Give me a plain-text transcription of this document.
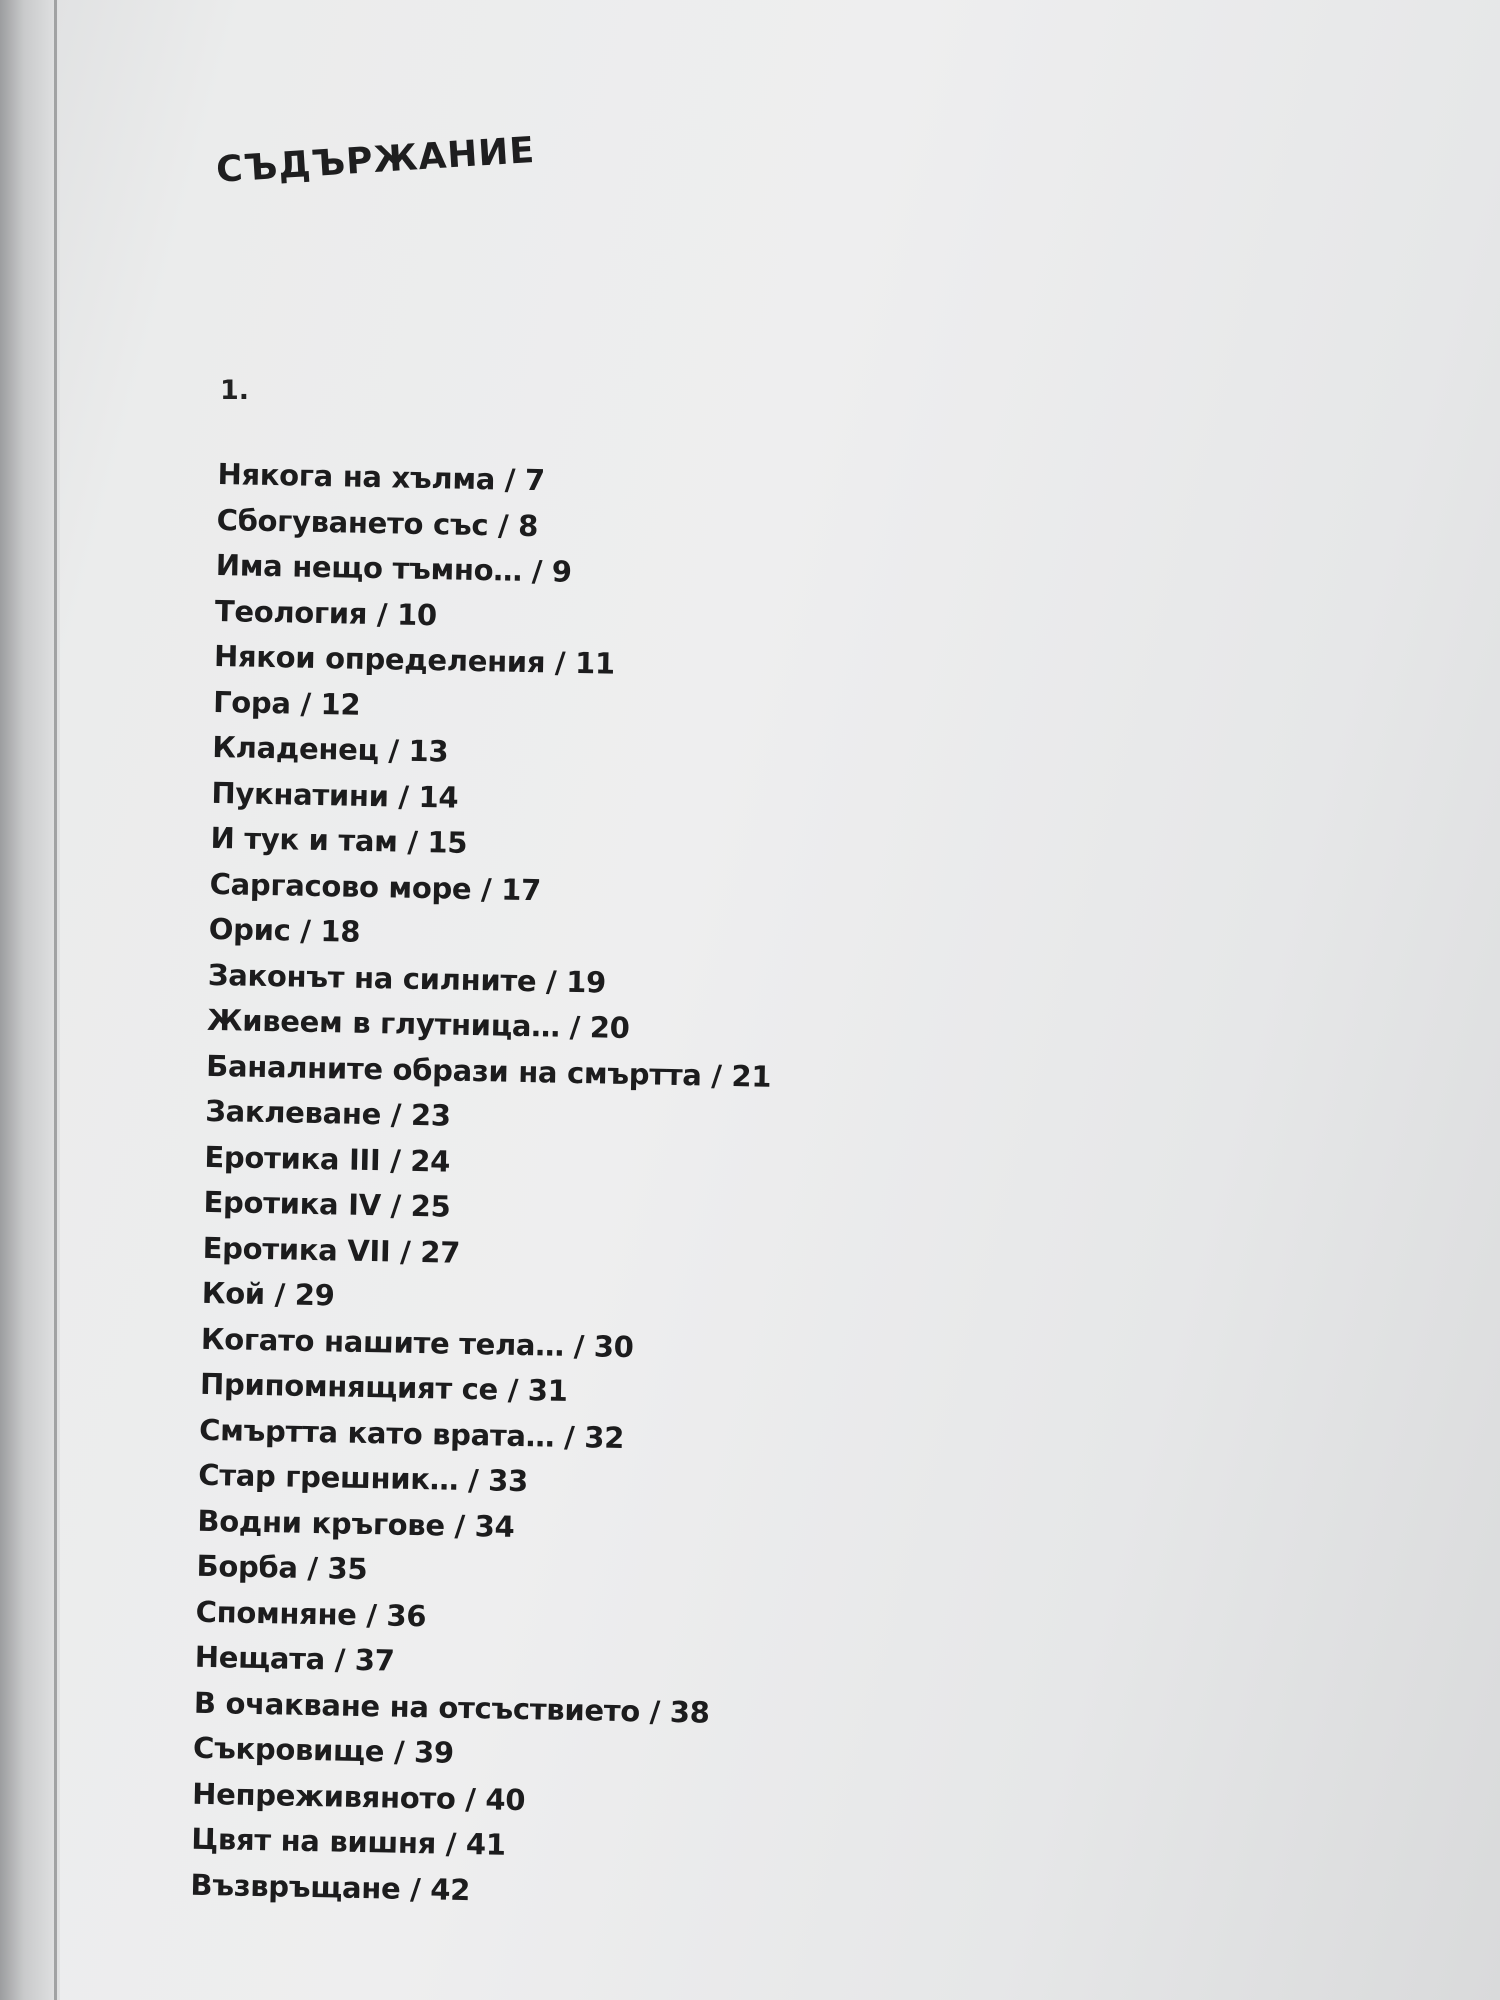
СЪДЪРЖАНИЕ
1.
Някога на хълма / 7
Сбогуването със / 8
Има нещо тъмно… / 9
Теология / 10
Някои определения / 11
Гора / 12
Кладенец / 13
Пукнатини / 14
И тук и там / 15
Саргасово море / 17
Орис / 18
Законът на силните / 19
Живеем в глутница… / 20
Баналните образи на смъртта / 21
Заклеване / 23
Еротика III / 24
Еротика IV / 25
Еротика VII / 27
Кой / 29
Когато нашите тела… / 30
Припомнящият се / 31
Смъртта като врата… / 32
Стар грешник… / 33
Водни кръгове / 34
Борба / 35
Спомняне / 36
Нещата / 37
В очакване на отсъствието / 38
Съкровище / 39
Непреживяното / 40
Цвят на вишня / 41
Възвръщане / 42
